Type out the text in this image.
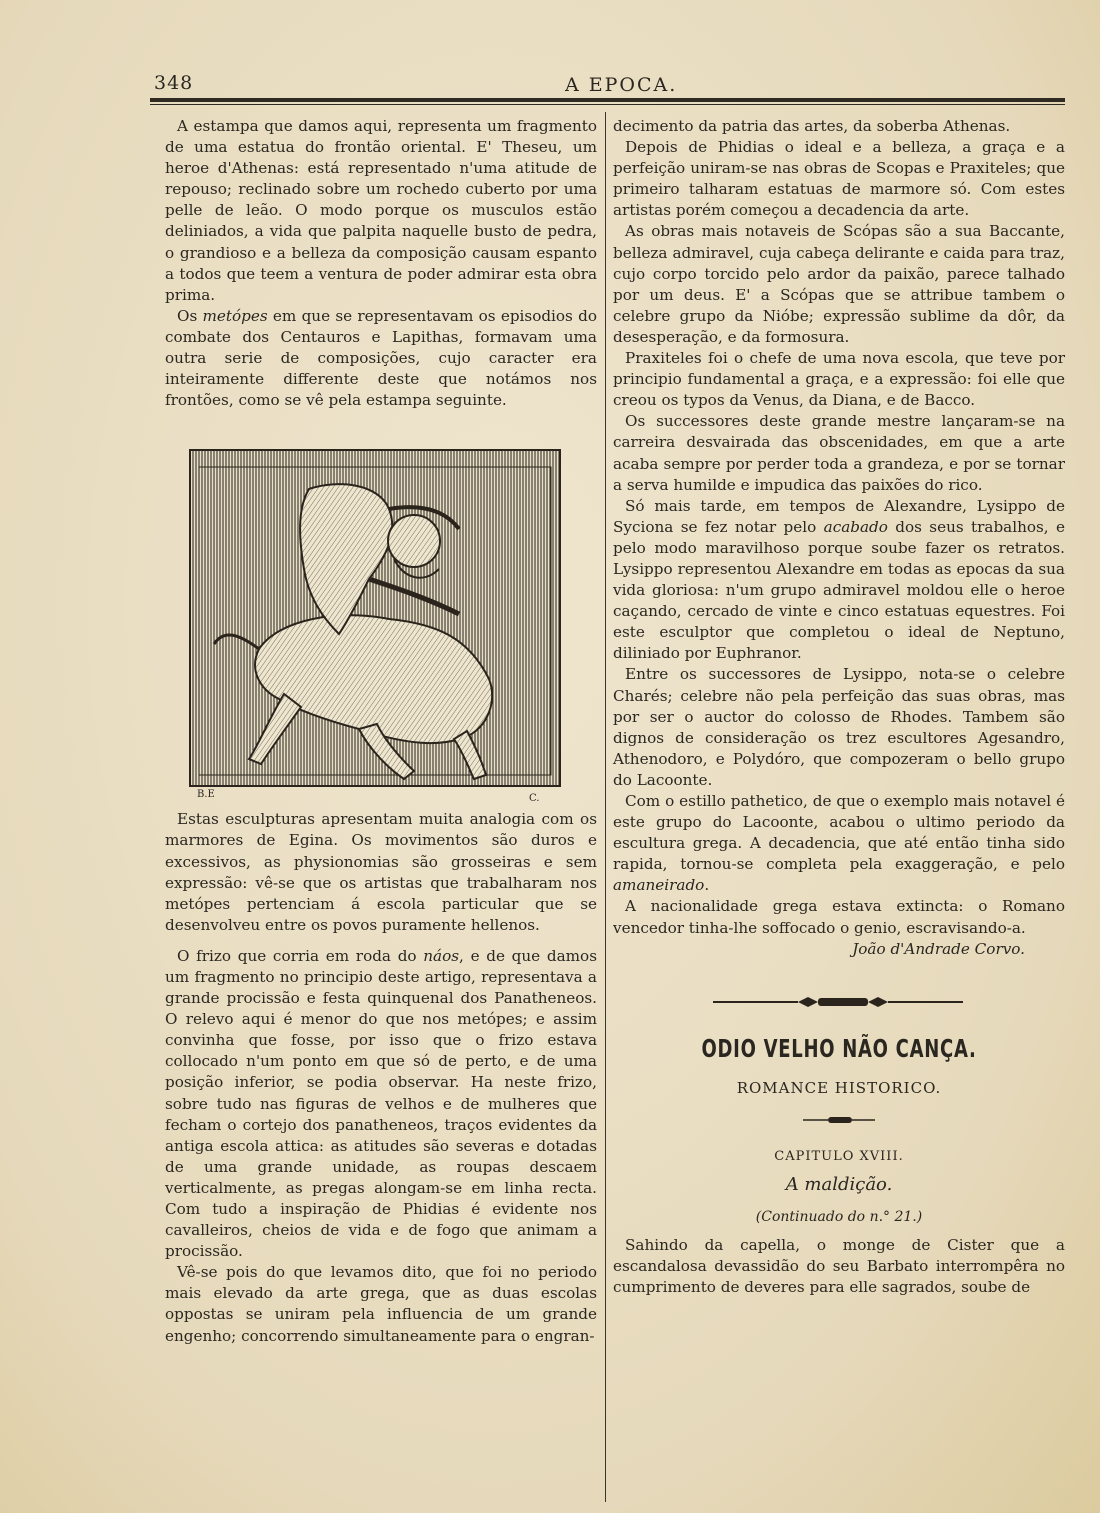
348	A EPOCA.

A estampa que damos aqui, representa um fragmento de uma estatua do frontão oriental. E' Theseu, um heroe d'Athenas: está representado n'uma atitude de repouso; reclinado sobre um rochedo cuberto por uma pelle de leão. O modo porque os musculos estão deliniados, a vida que palpita naquelle busto de pedra, o grandioso e a belleza da composição causam espanto a todos que teem a ventura de poder admirar esta obra prima.

Os metópes em que se representavam os episodios do combate dos Centauros e Lapithas, formavam uma outra serie de composições, cujo caracter era inteiramente differente deste que notámos nos frontões, como se vê pela estampa seguinte.

B.E	C.

Estas esculpturas apresentam muita analogia com os marmores de Egina. Os movimentos são duros e excessivos, as physionomias são grosseiras e sem expressão: vê-se que os artistas que trabalharam nos metópes pertenciam á escola particular que se desenvolveu entre os povos puramente hellenos.

O frizo que corria em roda do náos, e de que damos um fragmento no principio deste artigo, representava a grande procissão e festa quinquenal dos Panatheneos. O relevo aqui é menor do que nos metópes; e assim convinha que fosse, por isso que o frizo estava collocado n'um ponto em que só de perto, e de uma posição inferior, se podia observar. Ha neste frizo, sobre tudo nas figuras de velhos e de mulheres que fecham o cortejo dos panatheneos, traços evidentes da antiga escola attica: as atitudes são severas e dotadas de uma grande unidade, as roupas descaem verticalmente, as pregas alongam-se em linha recta. Com tudo a inspiração de Phidias é evidente nos cavalleiros, cheios de vida e de fogo que animam a procissão.

Vê-se pois do que levamos dito, que foi no periodo mais elevado da arte grega, que as duas escolas oppostas se uniram pela influencia de um grande engenho; concorrendo simultaneamente para o engran-

decimento da patria das artes, da soberba Athenas.

Depois de Phidias o ideal e a belleza, a graça e a perfeição uniram-se nas obras de Scopas e Praxiteles; que primeiro talharam estatuas de marmore só. Com estes artistas porém começou a decadencia da arte.

As obras mais notaveis de Scópas são a sua Baccante, belleza admiravel, cuja cabeça delirante e caida para traz, cujo corpo torcido pelo ardor da paixão, parece talhado por um deus. E' a Scópas que se attribue tambem o celebre grupo da Nióbe; expressão sublime da dôr, da desesperação, e da formosura.

Praxiteles foi o chefe de uma nova escola, que teve por principio fundamental a graça, e a expressão: foi elle que creou os typos da Venus, da Diana, e de Bacco.

Os successores deste grande mestre lançaram-se na carreira desvairada das obscenidades, em que a arte acaba sempre por perder toda a grandeza, e por se tornar a serva humilde e impudica das paixões do rico.

Só mais tarde, em tempos de Alexandre, Lysippo de Syciona se fez notar pelo acabado dos seus trabalhos, e pelo modo maravilhoso porque soube fazer os retratos. Lysippo representou Alexandre em todas as epocas da sua vida gloriosa: n'um grupo admiravel moldou elle o heroe caçando, cercado de vinte e cinco estatuas equestres. Foi este esculptor que completou o ideal de Neptuno, diliniado por Euphranor.

Entre os successores de Lysippo, nota-se o celebre Charés; celebre não pela perfeição das suas obras, mas por ser o auctor do colosso de Rhodes. Tambem são dignos de consideração os trez escultores Agesandro, Athenodoro, e Polydóro, que compozeram o bello grupo do Lacoonte.

Com o estillo pathetico, de que o exemplo mais notavel é este grupo do Lacoonte, acabou o ultimo periodo da escultura grega. A decadencia, que até então tinha sido rapida, tornou-se completa pela exaggeração, e pelo amaneirado.

A nacionalidade grega estava extincta: o Romano vencedor tinha-lhe soffocado o genio, escravisando-a.

João d'Andrade Corvo.

ODIO VELHO NÃO CANÇA.
ROMANCE HISTORICO.
CAPITULO XVIII.
A maldição.
(Continuado do n.° 21.)

Sahindo da capella, o monge de Cister que a escandalosa devassidão do seu Barbato interrompêra no cumprimento de deveres para elle sagrados, soube de
